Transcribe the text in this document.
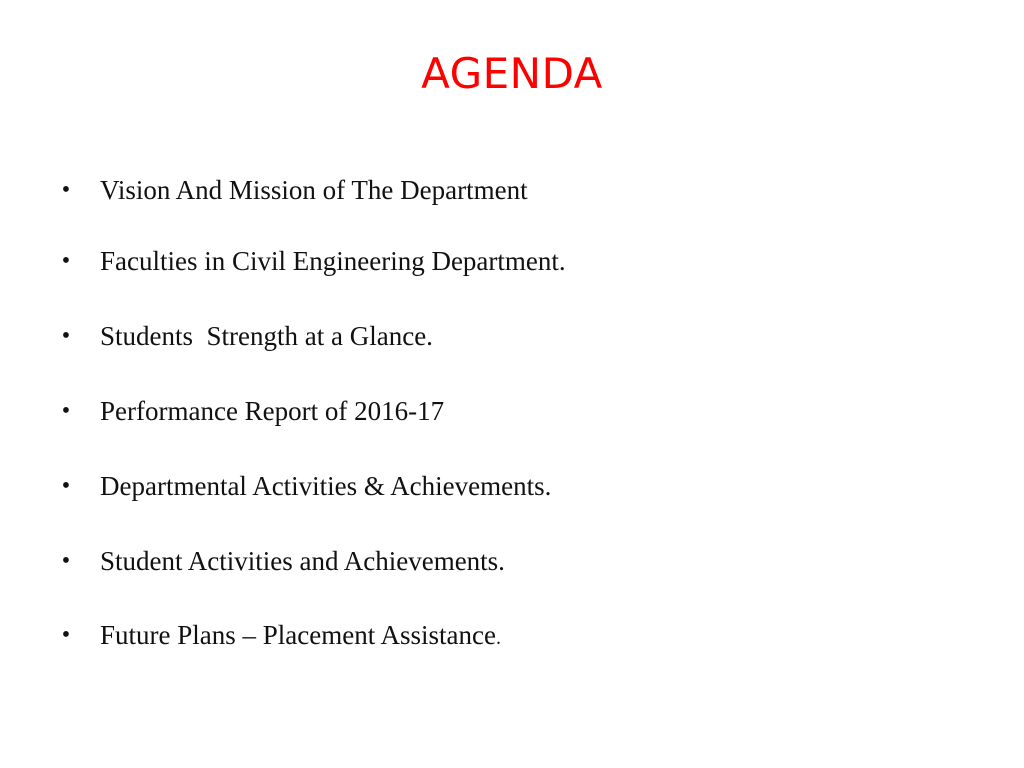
AGENDA
• Vision And Mission of The Department
• Faculties in Civil Engineering Department.
• Students  Strength at a Glance.
• Performance Report of 2016-17
• Departmental Activities & Achievements.
• Student Activities and Achievements.
• Future Plans – Placement Assistance.
